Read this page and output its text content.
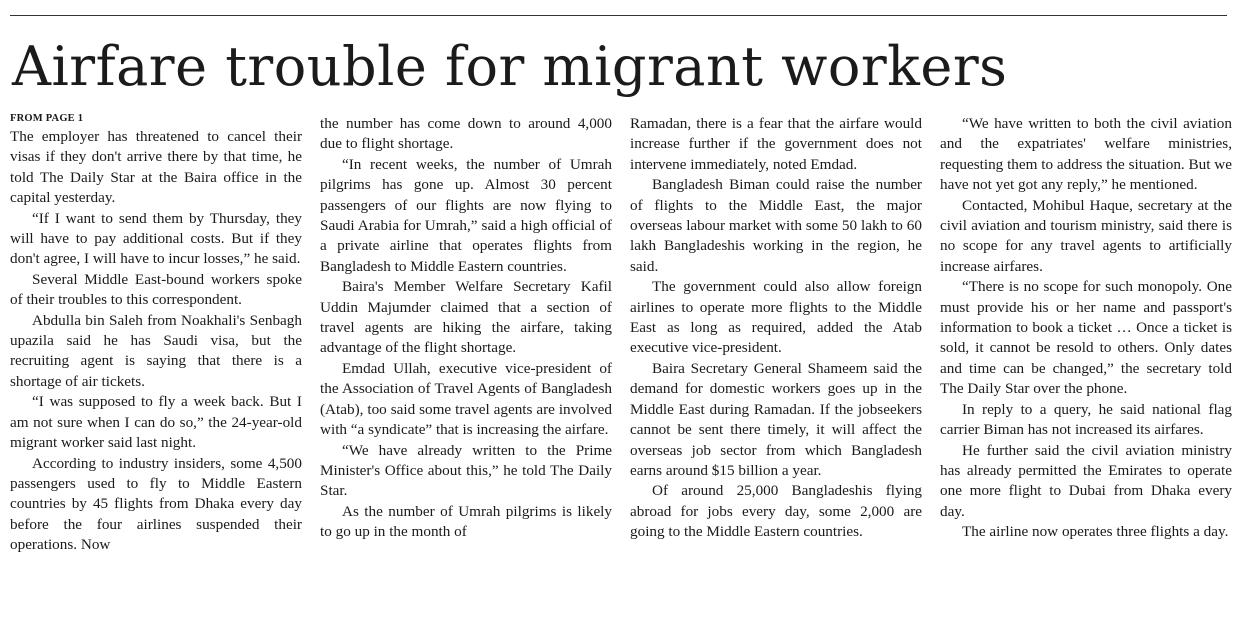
Airfare trouble for migrant workers
FROM PAGE 1

The employer has threatened to cancel their visas if they don't arrive there by that time, he told The Daily Star at the Baira office in the capital yesterday.

“If I want to send them by Thursday, they will have to pay additional costs. But if they don't agree, I will have to incur losses,” he said.

Several Middle East-bound workers spoke of their troubles to this correspondent.

Abdulla bin Saleh from Noakhali's Senbagh upazila said he has Saudi visa, but the recruiting agent is saying that there is a shortage of air tickets.

“I was supposed to fly a week back. But I am not sure when I can do so,” the 24-year-old migrant worker said last night.

According to industry insiders, some 4,500 passengers used to fly to Middle Eastern countries by 45 flights from Dhaka every day before the four airlines suspended their operations. Now

the number has come down to around 4,000 due to flight shortage.

“In recent weeks, the number of Umrah pilgrims has gone up. Almost 30 percent passengers of our flights are now flying to Saudi Arabia for Umrah,” said a high official of a private airline that operates flights from Bangladesh to Middle Eastern countries.

Baira's Member Welfare Secretary Kafil Uddin Majumder claimed that a section of travel agents are hiking the airfare, taking advantage of the flight shortage.

Emdad Ullah, executive vice-president of the Association of Travel Agents of Bangladesh (Atab), too said some travel agents are involved with “a syndicate” that is increasing the airfare.

“We have already written to the Prime Minister's Office about this,” he told The Daily Star.

As the number of Umrah pilgrims is likely to go up in the month of

Ramadan, there is a fear that the airfare would increase further if the government does not intervene immediately, noted Emdad.

Bangladesh Biman could raise the number of flights to the Middle East, the major overseas labour market with some 50 lakh to 60 lakh Bangladeshis working in the region, he said.

The government could also allow foreign airlines to operate more flights to the Middle East as long as required, added the Atab executive vice-president.

Baira Secretary General Shameem said the demand for domestic workers goes up in the Middle East during Ramadan. If the jobseekers cannot be sent there timely, it will affect the overseas job sector from which Bangladesh earns around $15 billion a year.

Of around 25,000 Bangladeshis flying abroad for jobs every day, some 2,000 are going to the Middle Eastern countries.

“We have written to both the civil aviation and the expatriates' welfare ministries, requesting them to address the situation. But we have not yet got any reply,” he mentioned.

Contacted, Mohibul Haque, secretary at the civil aviation and tourism ministry, said there is no scope for any travel agents to artificially increase airfares.

“There is no scope for such monopoly. One must provide his or her name and passport's information to book a ticket … Once a ticket is sold, it cannot be resold to others. Only dates and time can be changed,” the secretary told The Daily Star over the phone.

In reply to a query, he said national flag carrier Biman has not increased its airfares.

He further said the civil aviation ministry has already permitted the Emirates to operate one more flight to Dubai from Dhaka every day.

The airline now operates three flights a day.
